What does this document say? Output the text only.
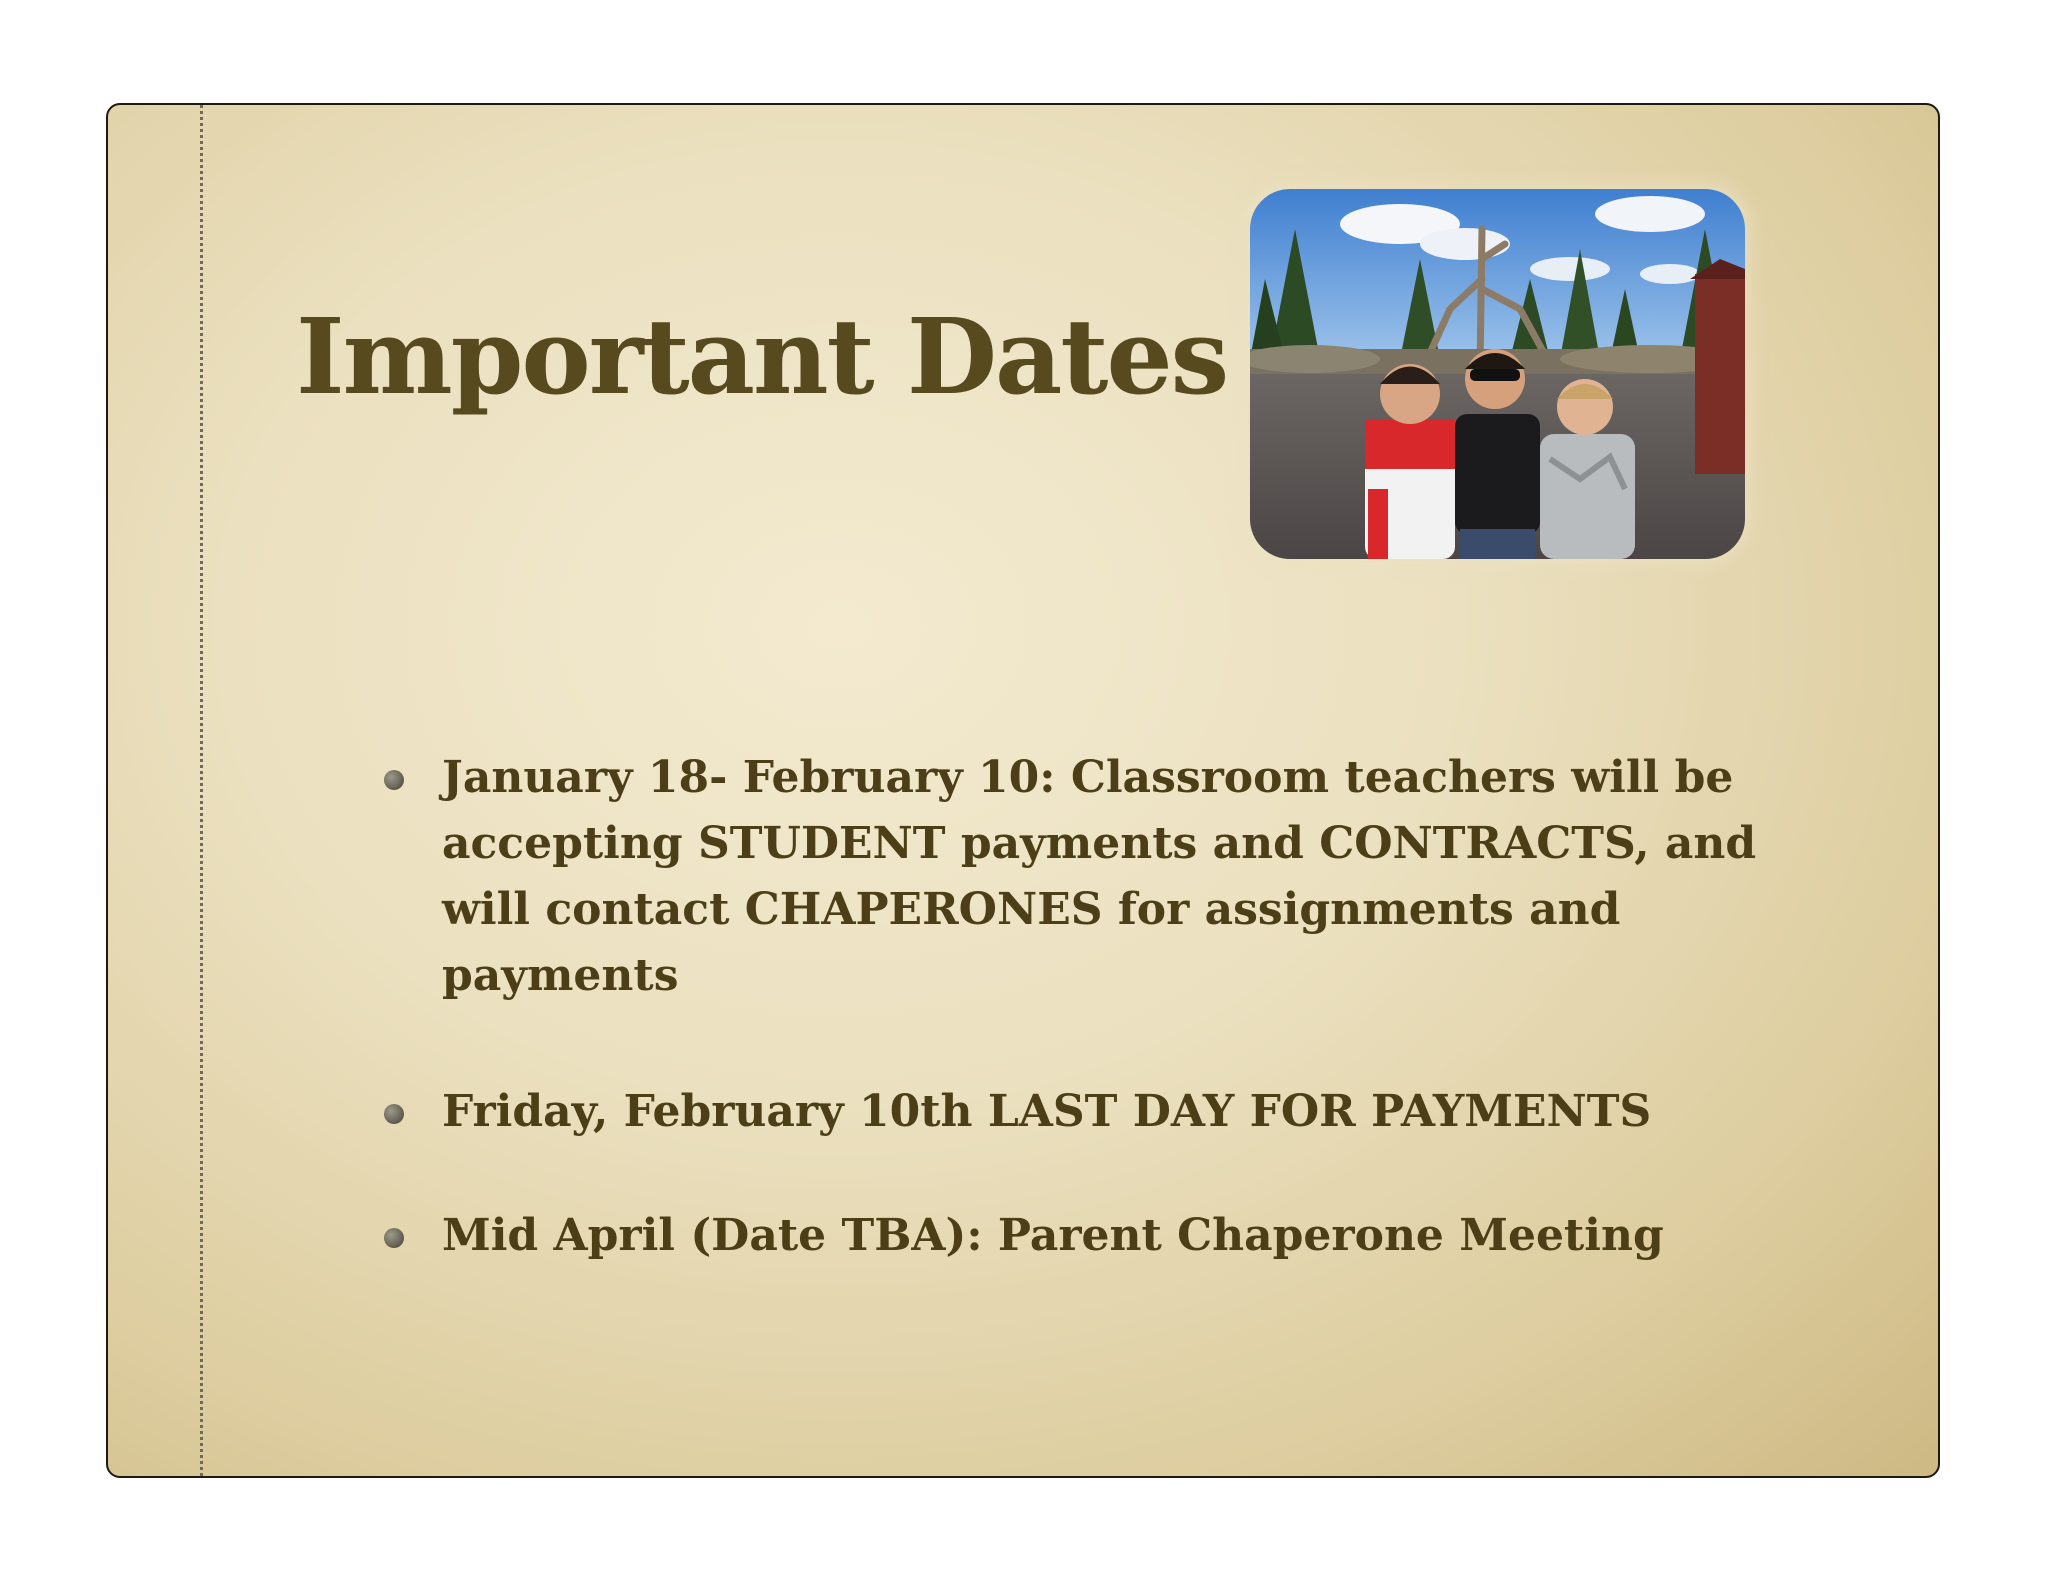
Important Dates
January 18- February 10: Classroom teachers will be accepting STUDENT payments and CONTRACTS, and will contact CHAPERONES for assignments and payments
Friday, February 10th LAST DAY FOR PAYMENTS
Mid April (Date TBA): Parent Chaperone Meeting
